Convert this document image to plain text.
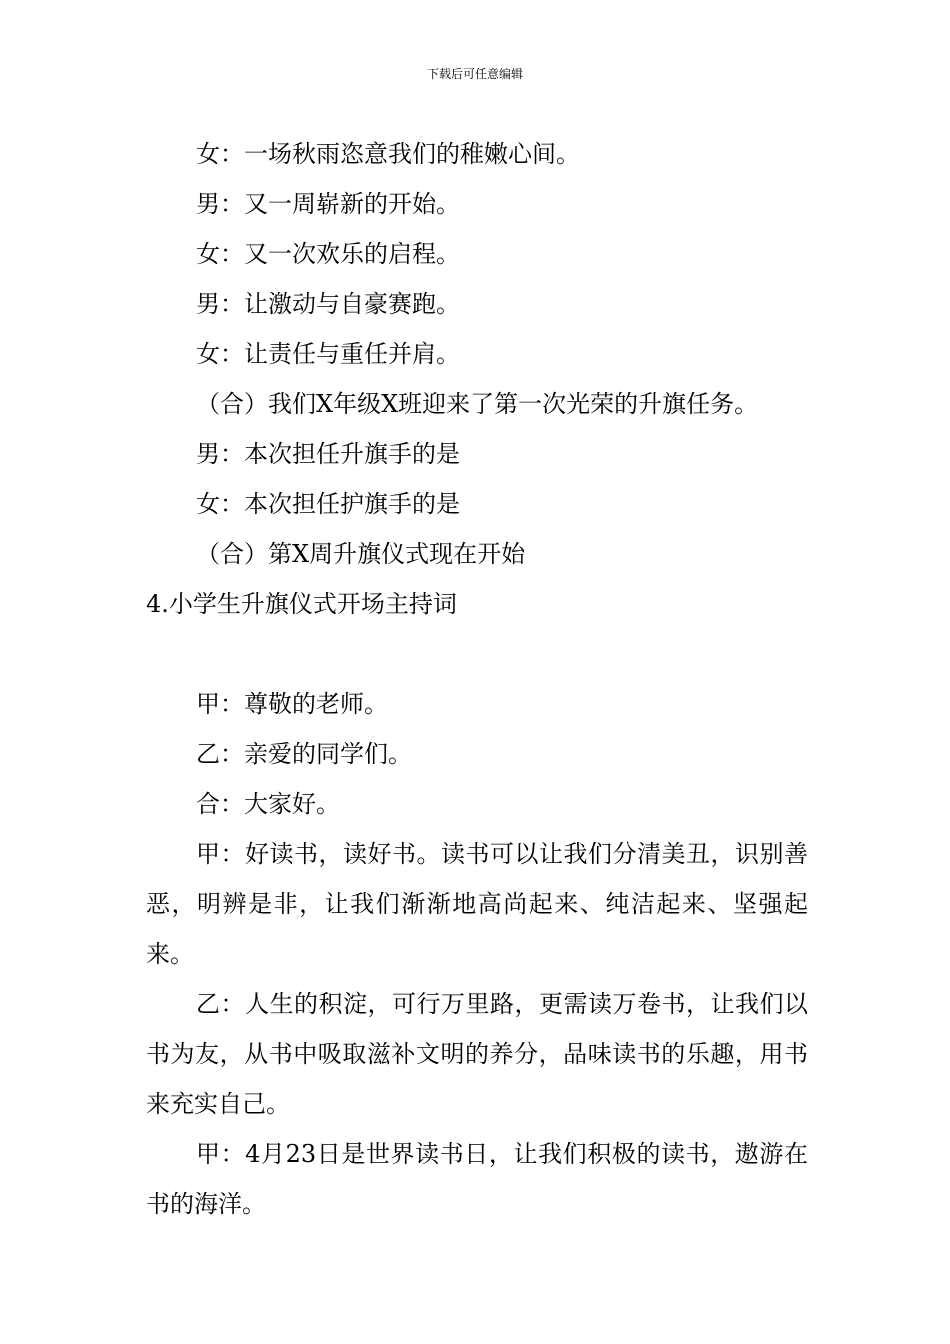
下载后可任意编辑
女：一场秋雨恣意我们的稚嫩心间。
男：又一周崭新的开始。
女：又一次欢乐的启程。
男：让激动与自豪赛跑。
女：让责任与重任并肩。
（合）我们X年级X班迎来了第一次光荣的升旗任务。
男：本次担任升旗手的是
女：本次担任护旗手的是
（合）第X周升旗仪式现在开始
4.小学生升旗仪式开场主持词
甲：尊敬的老师。
乙：亲爱的同学们。
合：大家好。
甲：好读书，读好书。读书可以让我们分清美丑，识别善恶，明辨是非，让我们渐渐地高尚起来、纯洁起来、坚强起来。
乙：人生的积淀，可行万里路，更需读万卷书，让我们以书为友，从书中吸取滋补文明的养分，品味读书的乐趣，用书来充实自己。
甲：4月23日是世界读书日，让我们积极的读书，遨游在书的海洋。
